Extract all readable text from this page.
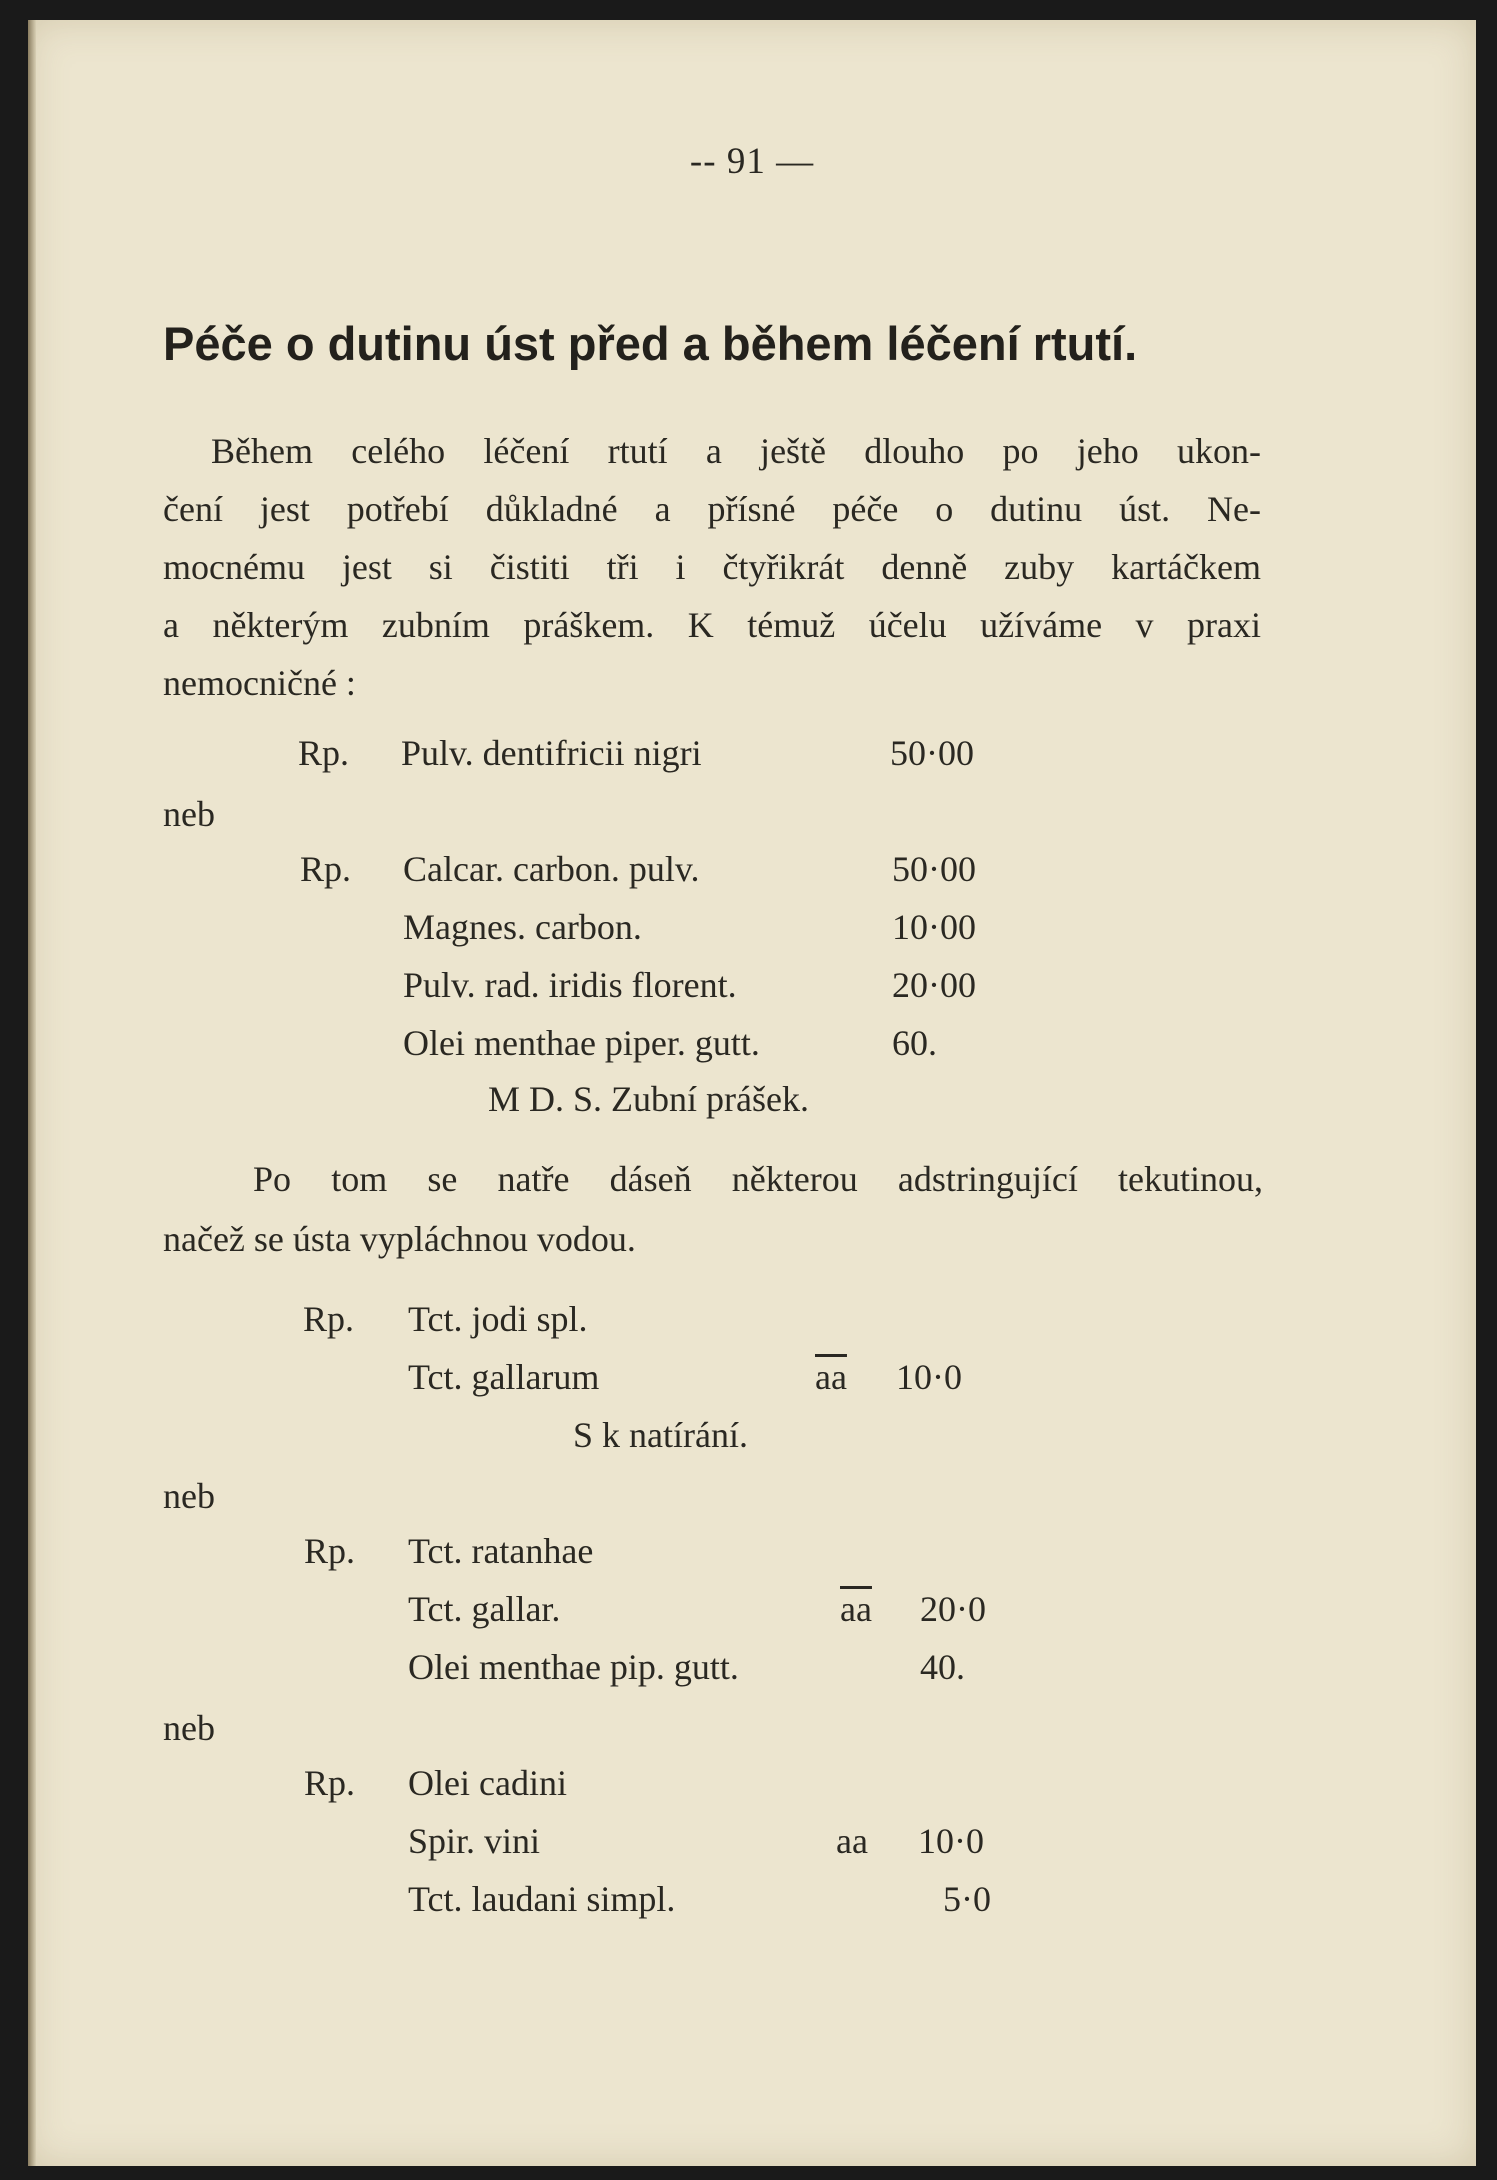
-- 91 —
Péče o dutinu úst před a během léčení rtutí.
Během celého léčení rtutí a ještě dlouho po jeho ukon-
čení jest potřebí důkladné a přísné péče o dutinu úst. Ne-
mocnému jest si čistiti tři i čtyřikrát denně zuby kartáčkem
a některým zubním práškem. K témuž účelu užíváme v praxi
nemocničné :
Rp. Pulv. dentifricii nigri	50·00
neb
Rp. Calcar. carbon. pulv.	50·00
Magnes. carbon.	10·00
Pulv. rad. iridis florent.	20·00
Olei menthae piper. gutt.	60.
M D. S. Zubní prášek.
Po tom se natře dáseň některou adstringující tekutinou,
načež se ústa vypláchnou vodou.
Rp. Tct. jodi spl.
Tct. gallarum	$\overline{aa}$ 10·0
S k natírání.
neb
Rp. Tct. ratanhae
Tct. gallar.	$\overline{aa}$ 20·0
Olei menthae pip. gutt.	40.
neb
Rp. Olei cadini
Spir. vini	aa 10·0
Tct. laudani simpl.	5·0
